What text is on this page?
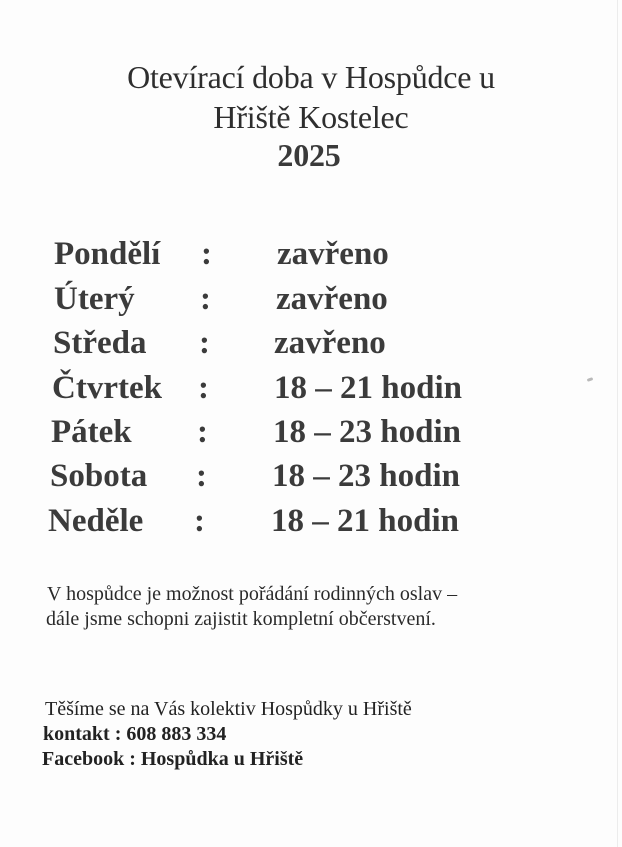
Otevírací doba v Hospůdce u
Hřiště Kostelec
2025
Pondělí : zavřeno
Úterý : zavřeno
Středa : zavřeno
Čtvrtek : 18 – 21 hodin
Pátek : 18 – 23 hodin
Sobota : 18 – 23 hodin
Neděle : 18 – 21 hodin
V hospůdce je možnost pořádání rodinných oslav –
dále jsme schopni zajistit kompletní občerstvení.
Těšíme se na Vás kolektiv Hospůdky u Hřiště
kontakt : 608 883 334
Facebook : Hospůdka u Hřiště
